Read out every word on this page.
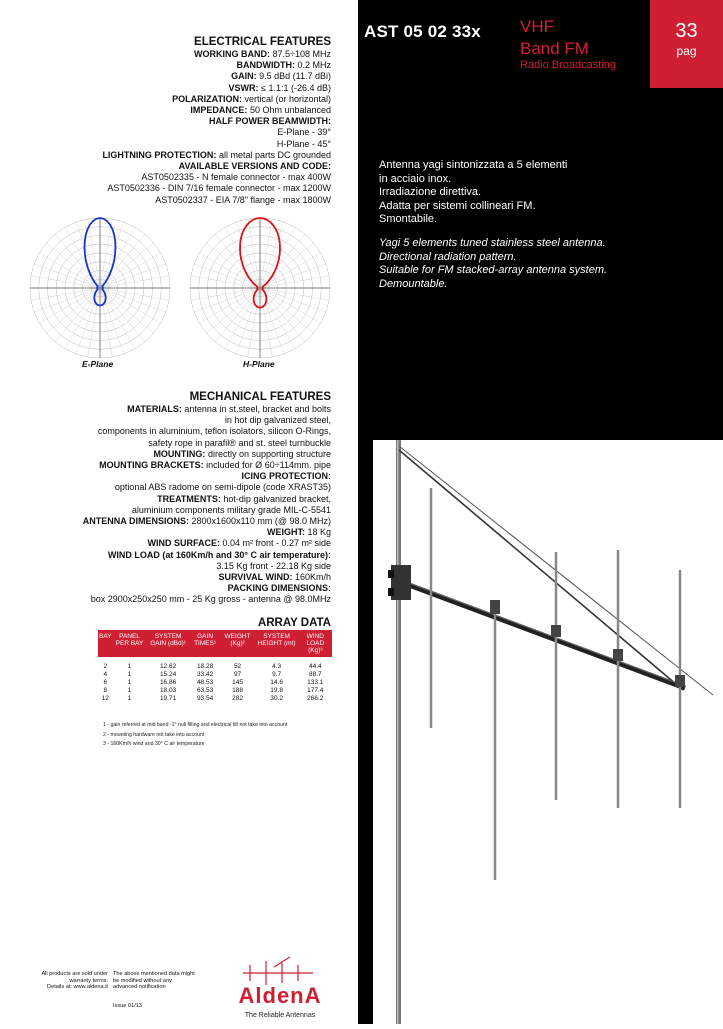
AST 05 02 33x VHF
Band FM
Radio Broadcasting
33
pag
Antenna yagi sintonizzata a 5 elementi
in acciaio inox.
Irradiazione direttiva.
Adatta per sistemi collineari FM.
Smontabile.
Yagi 5 elements tuned stainless steel antenna.
Directional radiation pattern.
Suitable for FM stacked-array antenna system.
Demountable.
ELECTRICAL FEATURES
WORKING BAND: 87.5÷108 MHz
BANDWIDTH: 0.2 MHz
GAIN: 9.5 dBd (11.7 dBi)
VSWR: ≤ 1.1:1 (-26.4 dB)
POLARIZATION: vertical (or horizontal)
IMPEDANCE: 50 Ohm unbalanced
HALF POWER BEAMWIDTH:
E-Plane - 39°
H-Plane - 45°
LIGHTNING PROTECTION: all metal parts DC grounded
AVAILABLE VERSIONS AND CODE:
AST0502335 - N female connector - max 400W
AST0502336 - DIN 7/16 female connector - max 1200W
AST0502337 - EIA 7/8" flange - max 1800W
E-Plane	H-Plane
MECHANICAL FEATURES
MATERIALS: antenna in st.steel, bracket and bolts
in hot dip galvanized steel,
components in aluminium, teflon isolators, silicon O-Rings,
safety rope in parafil® and st. steel turnbuckle
MOUNTING: directly on supporting structure
MOUNTING BRACKETS: included for Ø 60÷114mm. pipe
ICING PROTECTION:
optional ABS radome on semi-dipole (code XRAST35)
TREATMENTS: hot-dip galvanized bracket,
aluminium components military grade MIL-C-5541
ANTENNA DIMENSIONS: 2800x1600x110 mm (@ 98.0 MHz)
WEIGHT: 18 Kg
WIND SURFACE: 0.04 m² front - 0.27 m² side
WIND LOAD (at 160Km/h and 30° C air temperature):
3.15 Kg front - 22.18 Kg side
SURVIVAL WIND: 160Km/h
PACKING DIMENSIONS:
box 2900x250x250 mm - 25 Kg gross - antenna @ 98.0MHz
ARRAY DATA
BAY	PANEL PER BAY	SYSTEM GAIN (dBd)¹	GAIN TIMES¹	WEIGHT (Kg)²	SYSTEM HEIGHT (mt)	WIND LOAD (Kg)³
2	1	12.62	18.28	52	4.3	44.4
4	1	15.24	33.42	97	9.7	88.7
6	1	16.86	48.53	145	14.6	133.1
8	1	18.03	63.53	188	19.8	177.4
12	1	19.71	93.54	282	30.2	266.2
1 - gain referred at mid band -1° null filling and electrical tilt not take into account
2 - mounting hardware not take into account
3 - 160Km/h wind and 30° C air temperature
All products are sold under
warranty terms.
Details at: www.aldena.it
The above mentioned data might
be modified without any
advanced notification
Issue 01/13	AldenA
The Reliable Antennas
